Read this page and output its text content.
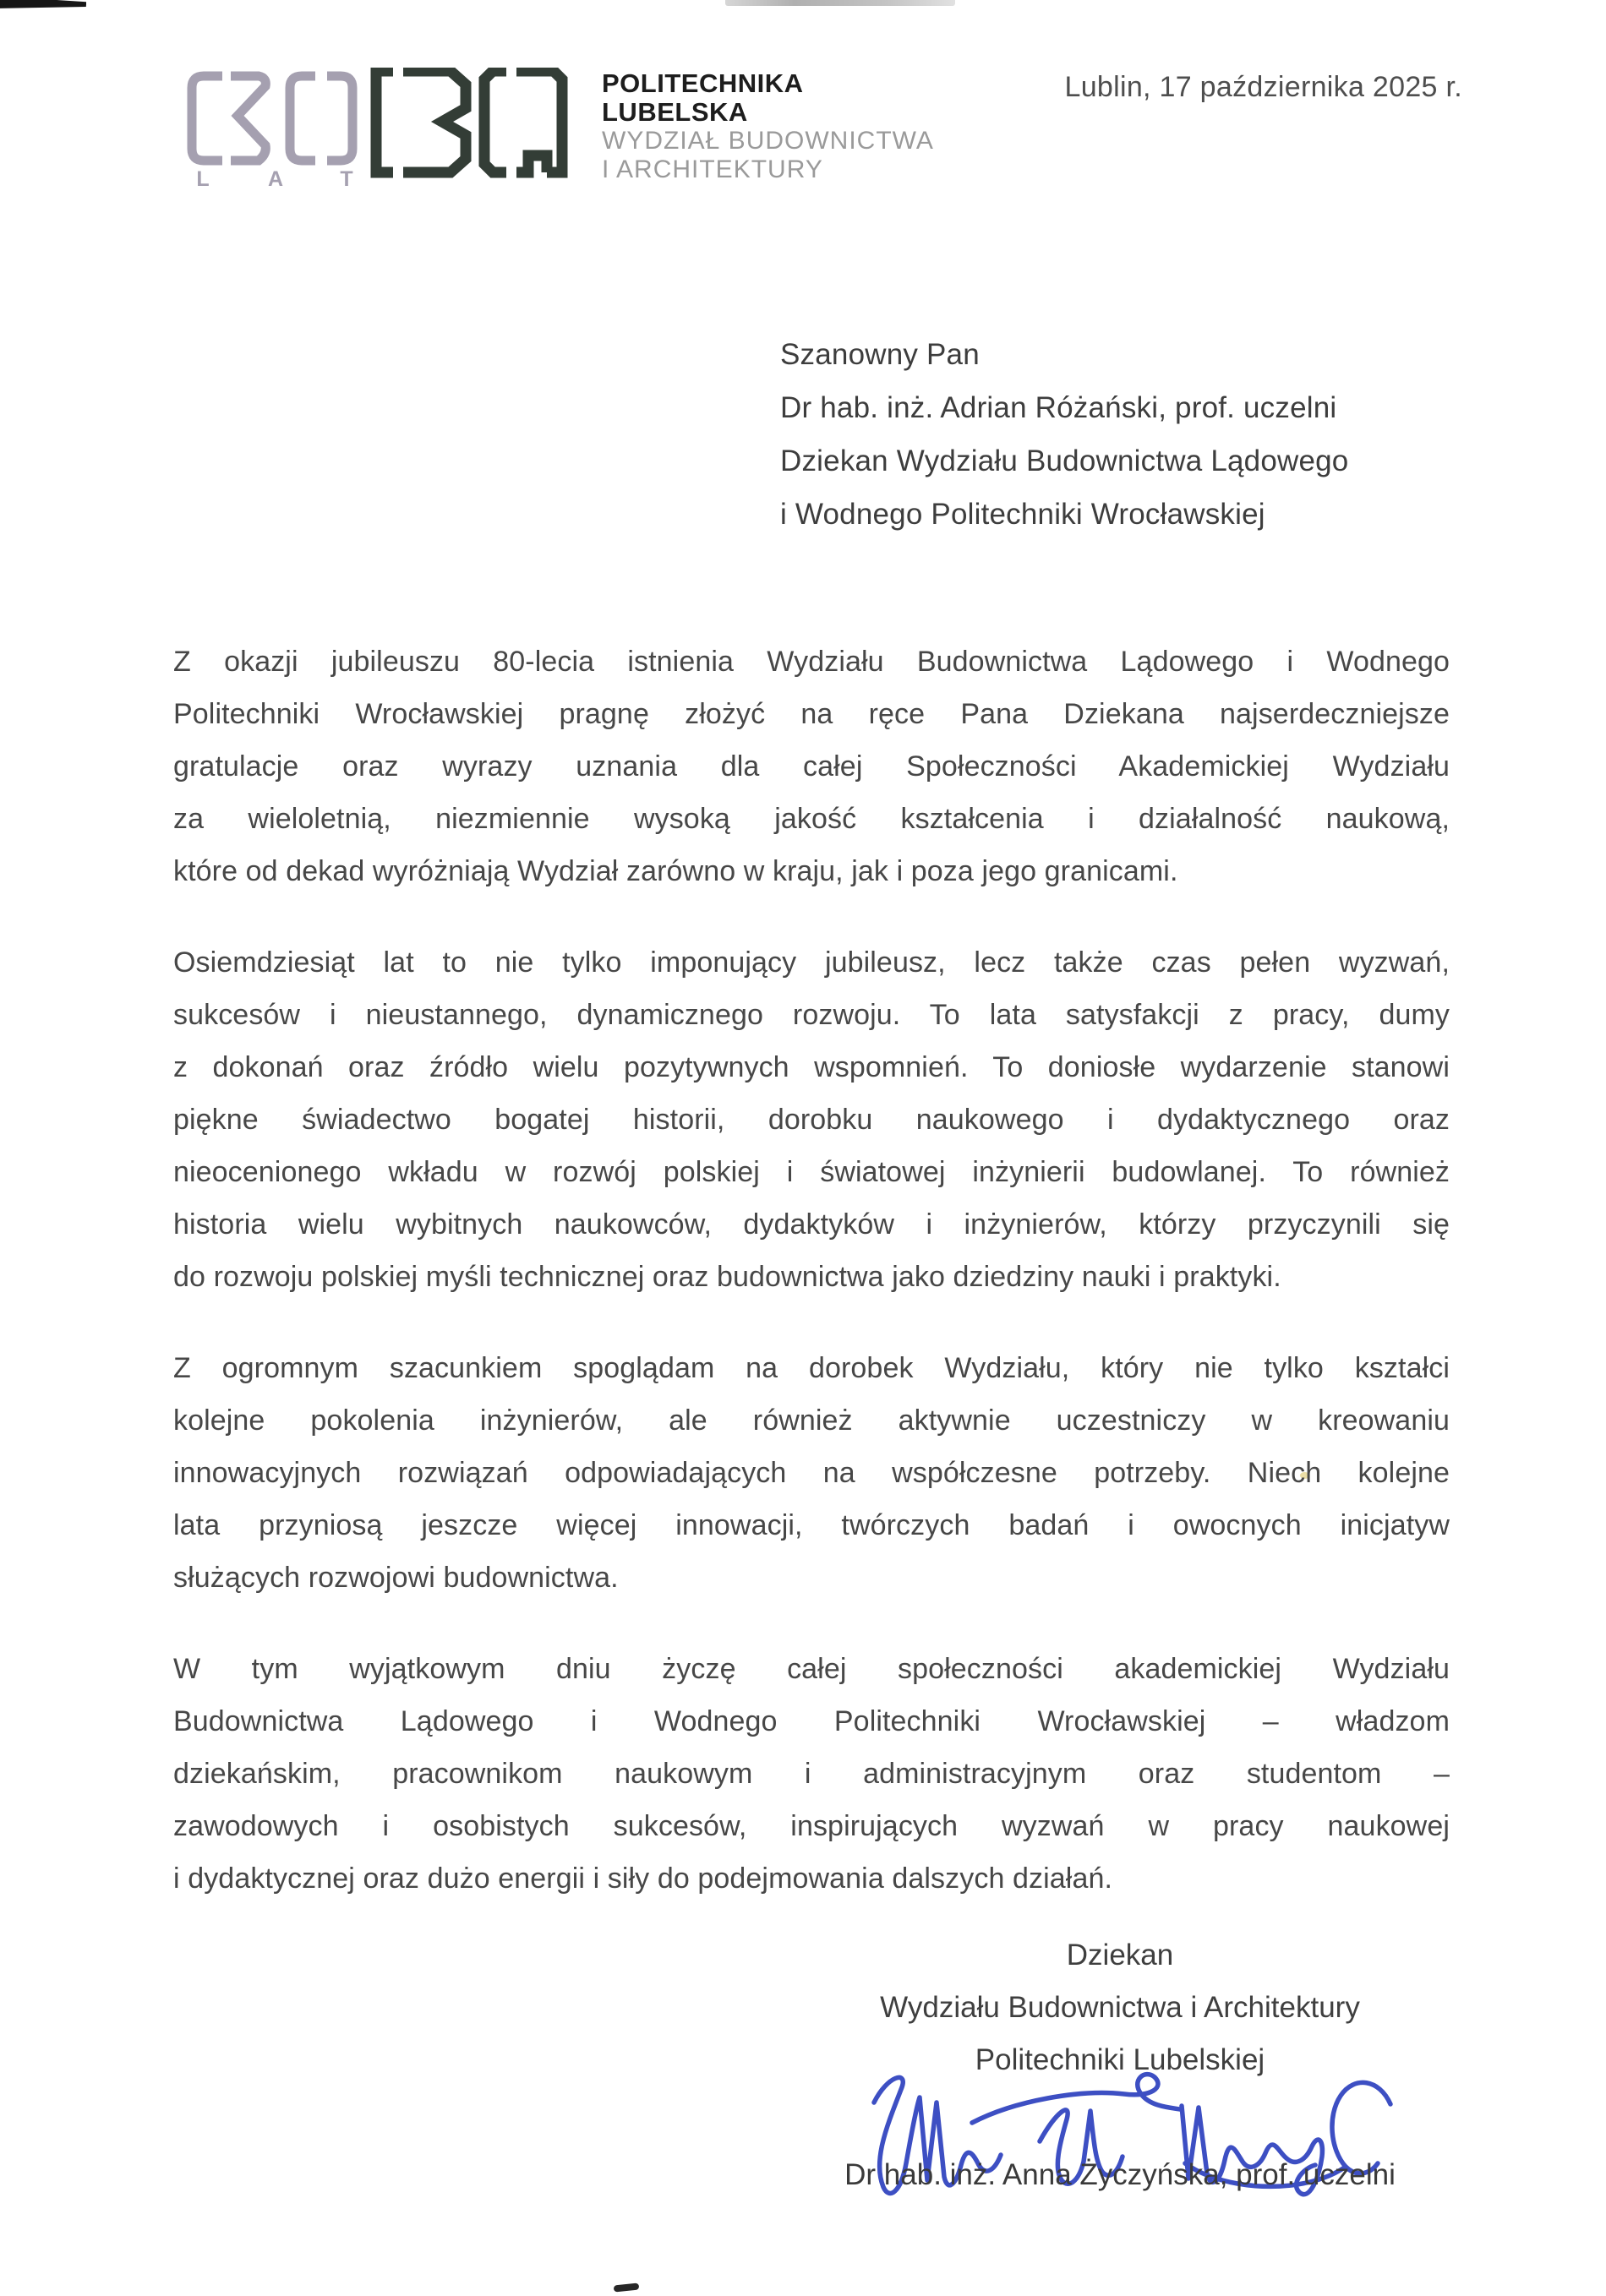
L	A	T
POLITECHNIKA
LUBELSKA
WYDZIAŁ BUDOWNICTWA
I ARCHITEKTURY
Lublin, 17 października 2025 r.
Szanowny Pan
Dr hab. inż. Adrian Różański, prof. uczelni
Dziekan Wydziału Budownictwa Lądowego
i Wodnego Politechniki Wrocławskiej
Z okazji jubileuszu 80-lecia istnienia Wydziału Budownictwa Lądowego i Wodnego
Politechniki Wrocławskiej pragnę złożyć na ręce Pana Dziekana najserdeczniejsze
gratulacje oraz wyrazy uznania dla całej Społeczności Akademickiej Wydziału
za wieloletnią, niezmiennie wysoką jakość kształcenia i działalność naukową,
które od dekad wyróżniają Wydział zarówno w kraju, jak i poza jego granicami.
Osiemdziesiąt lat to nie tylko imponujący jubileusz, lecz także czas pełen wyzwań,
sukcesów i nieustannego, dynamicznego rozwoju. To lata satysfakcji z pracy, dumy
z dokonań oraz źródło wielu pozytywnych wspomnień. To doniosłe wydarzenie stanowi
piękne świadectwo bogatej historii, dorobku naukowego i dydaktycznego oraz
nieocenionego wkładu w rozwój polskiej i światowej inżynierii budowlanej. To również
historia wielu wybitnych naukowców, dydaktyków i inżynierów, którzy przyczynili się
do rozwoju polskiej myśli technicznej oraz budownictwa jako dziedziny nauki i praktyki.
Z ogromnym szacunkiem spoglądam na dorobek Wydziału, który nie tylko kształci
kolejne pokolenia inżynierów, ale również aktywnie uczestniczy w kreowaniu
innowacyjnych rozwiązań odpowiadających na współczesne potrzeby. Niech kolejne
lata przyniosą jeszcze więcej innowacji, twórczych badań i owocnych inicjatyw
służących rozwojowi budownictwa.
W tym wyjątkowym dniu życzę całej społeczności akademickiej Wydziału
Budownictwa Lądowego i Wodnego Politechniki Wrocławskiej – władzom
dziekańskim, pracownikom naukowym i administracyjnym oraz studentom –
zawodowych i osobistych sukcesów, inspirujących wyzwań w pracy naukowej
i dydaktycznej oraz dużo energii i siły do podejmowania dalszych działań.
Dziekan
Wydziału Budownictwa i Architektury
Politechniki Lubelskiej
Dr hab. inż. Anna Życzyńska, prof. uczelni
